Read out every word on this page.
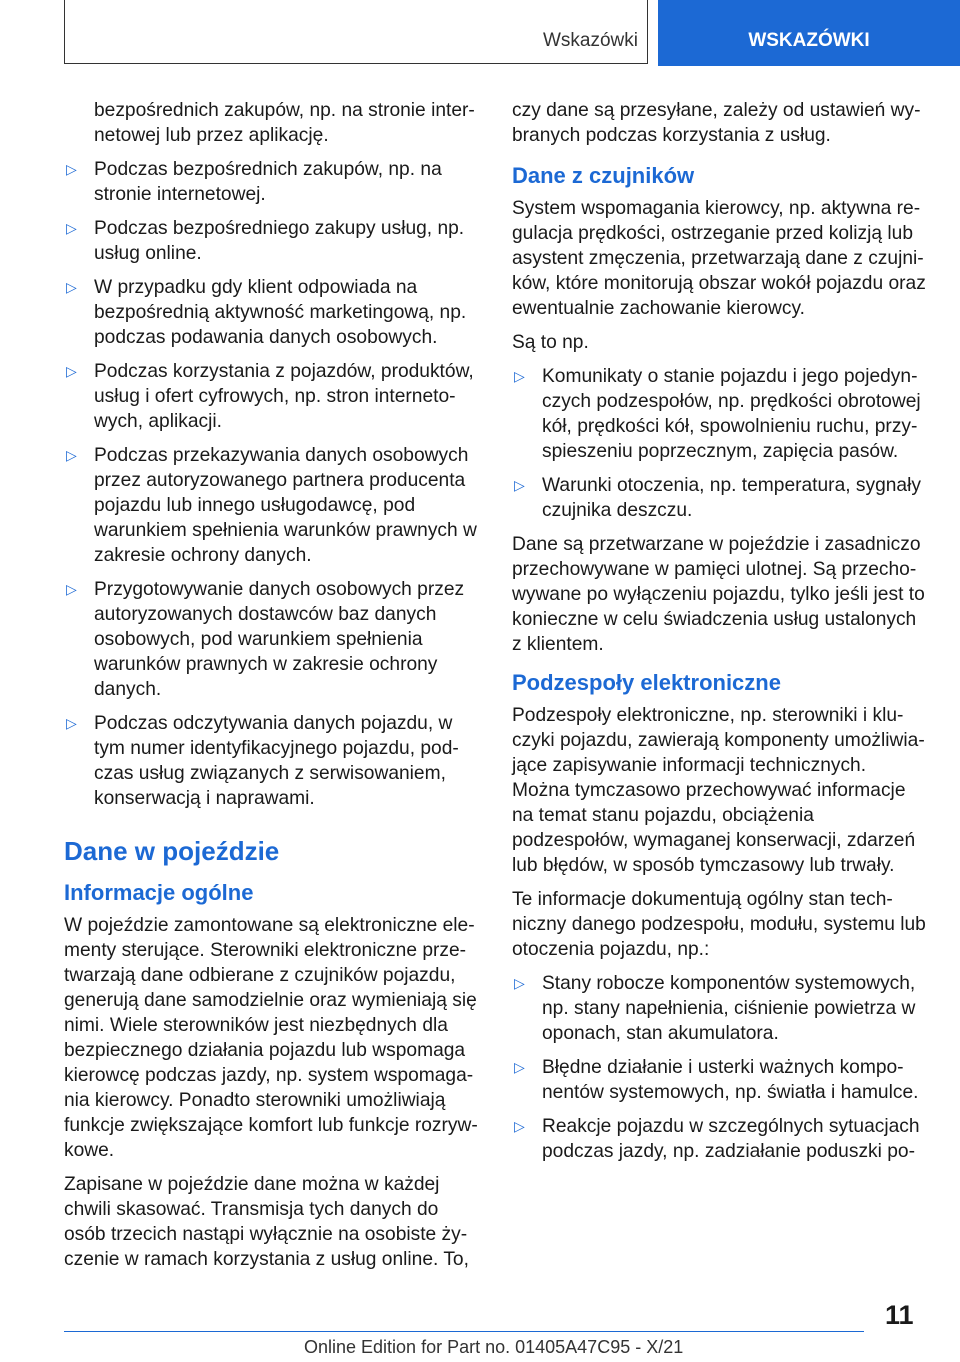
Wskazówki	WSKAZÓWKI

bezpośrednich zakupów, np. na stronie internetowej lub przez aplikację.

▷ Podczas bezpośrednich zakupów, np. na stronie internetowej.
▷ Podczas bezpośredniego zakupy usług, np. usług online.
▷ W przypadku gdy klient odpowiada na bezpośrednią aktywność marketingową, np. podczas podawania danych osobowych.
▷ Podczas korzystania z pojazdów, produktów, usług i ofert cyfrowych, np. stron internetowych, aplikacji.
▷ Podczas przekazywania danych osobowych przez autoryzowanego partnera producenta pojazdu lub innego usługodawcę, pod warunkiem spełnienia warunków prawnych w zakresie ochrony danych.
▷ Przygotowywanie danych osobowych przez autoryzowanych dostawców baz danych osobowych, pod warunkiem spełnienia warunków prawnych w zakresie ochrony danych.
▷ Podczas odczytywania danych pojazdu, w tym numer identyfikacyjnego pojazdu, podczas usług związanych z serwisowaniem, konserwacją i naprawami.
Dane w pojeździe
Informacje ogólne

W pojeździe zamontowane są elektroniczne elementy sterujące. Sterowniki elektroniczne przetwarzają dane odbierane z czujników pojazdu, generują dane samodzielnie oraz wymieniają się nimi. Wiele sterowników jest niezbędnych dla bezpiecznego działania pojazdu lub wspomaga kierowcę podczas jazdy, np. system wspomagania kierowcy. Ponadto sterowniki umożliwiają funkcje zwiększające komfort lub funkcje rozrywkowe.

Zapisane w pojeździe dane można w każdej chwili skasować. Transmisja tych danych do osób trzecich nastąpi wyłącznie na osobiste życzenie w ramach korzystania z usług online. To,

czy dane są przesyłane, zależy od ustawień wybranych podczas korzystania z usług.

Dane z czujników

System wspomagania kierowcy, np. aktywna regulacja prędkości, ostrzeganie przed kolizją lub asystent zmęczenia, przetwarzają dane z czujników, które monitorują obszar wokół pojazdu oraz ewentualnie zachowanie kierowcy.

Są to np.

▷ Komunikaty o stanie pojazdu i jego pojedynczych podzespołów, np. prędkości obrotowej kół, prędkości kół, spowolnieniu ruchu, przyspieszeniu poprzecznym, zapięcia pasów.
▷ Warunki otoczenia, np. temperatura, sygnały czujnika deszczu.

Dane są przetwarzane w pojeździe i zasadniczo przechowywane w pamięci ulotnej. Są przechowywane po wyłączeniu pojazdu, tylko jeśli jest to konieczne w celu świadczenia usług ustalonych z klientem.

Podzespoły elektroniczne

Podzespoły elektroniczne, np. sterowniki i kluczyki pojazdu, zawierają komponenty umożliwiające zapisywanie informacji technicznych. Można tymczasowo przechowywać informacje na temat stanu pojazdu, obciążenia podzespołów, wymaganej konserwacji, zdarzeń lub błędów, w sposób tymczasowy lub trwały.

Te informacje dokumentują ogólny stan techniczny danego podzespołu, modułu, systemu lub otoczenia pojazdu, np.:

▷ Stany robocze komponentów systemowych, np. stany napełnienia, ciśnienie powietrza w oponach, stan akumulatora.
▷ Błędne działanie i usterki ważnych komponentów systemowych, np. światła i hamulce.
▷ Reakcje pojazdu w szczególnych sytuacjach podczas jazdy, np. zadziałanie poduszki po-
11
Online Edition for Part no. 01405A47C95 - X/21
